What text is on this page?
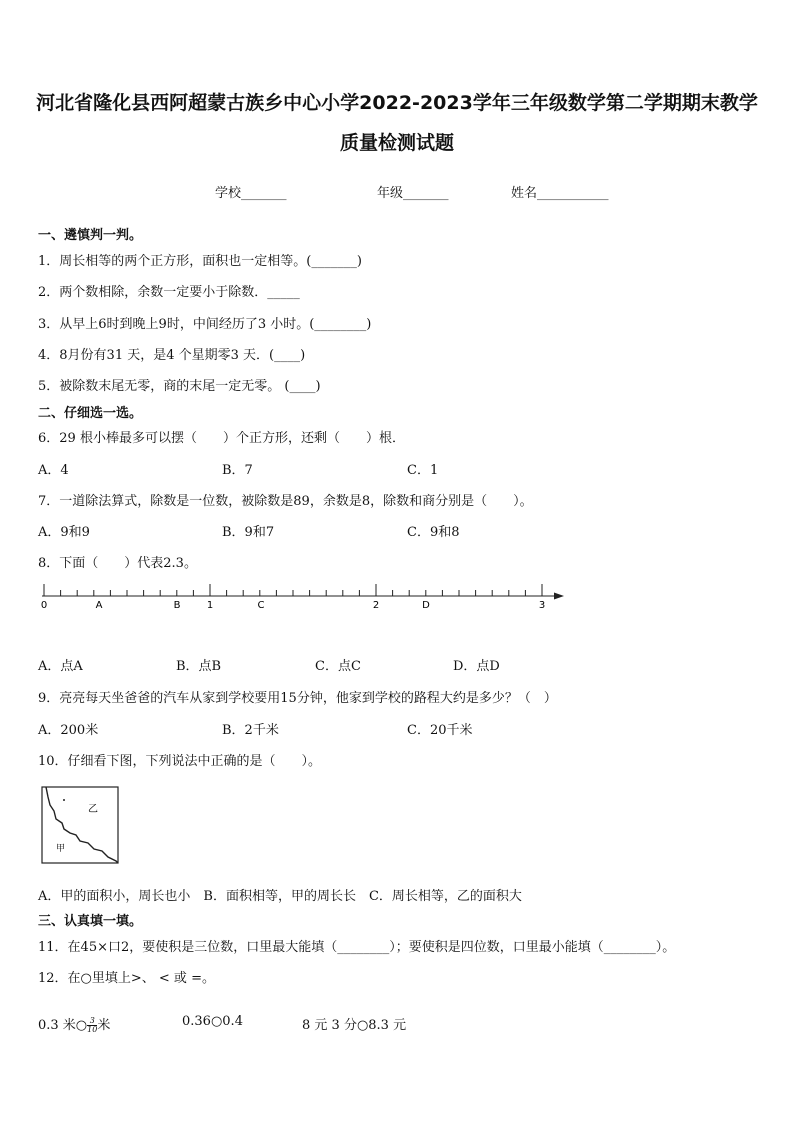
河北省隆化县西阿超蒙古族乡中心小学2022-2023学年三年级数学第二学期期末教学
质量检测试题
学校_______	年级_______	姓名___________
一、遴慎判一判。
1．周长相等的两个正方形，面积也一定相等。(_______)
2．两个数相除，余数一定要小于除数．_____
3．从早上6时到晚上9时，中间经历了3 小时。(________)
4．8月份有31 天，是4 个星期零3 天．(____)
5．被除数末尾无零，商的末尾一定无零。 (____)
二、仔细选一选。
6．29 根小棒最多可以摆（　　）个正方形，还剩（　　）根．
A．4	B．7	C．1
7．一道除法算式，除数是一位数，被除数是89，余数是8，除数和商分别是（　　）。
A．9和9	B．9和7	C．9和8
8．下面（　　）代表2.3。
0	A	B	1	C	2	D	3
A．点A	B．点B	C．点C	D．点D
9．亮亮每天坐爸爸的汽车从家到学校要用15分钟，他家到学校的路程大约是多少？（　）
A．200米	B．2千米	C．20千米
10．仔细看下图，下列说法中正确的是（　　）。
乙
甲
A．甲的面积小，周长也小　B．面积相等，甲的周长长　C．周长相等，乙的面积大
三、认真填一填。
11．在45×口2，要使积是三位数，口里最大能填（________）；要使积是四位数，口里最小能填（________）。
12．在○里填上>、 < 或 =。
0.3 米○ $\frac{3}{10}$ 米	0.36○0.4	8 元 3 分○8.3 元
